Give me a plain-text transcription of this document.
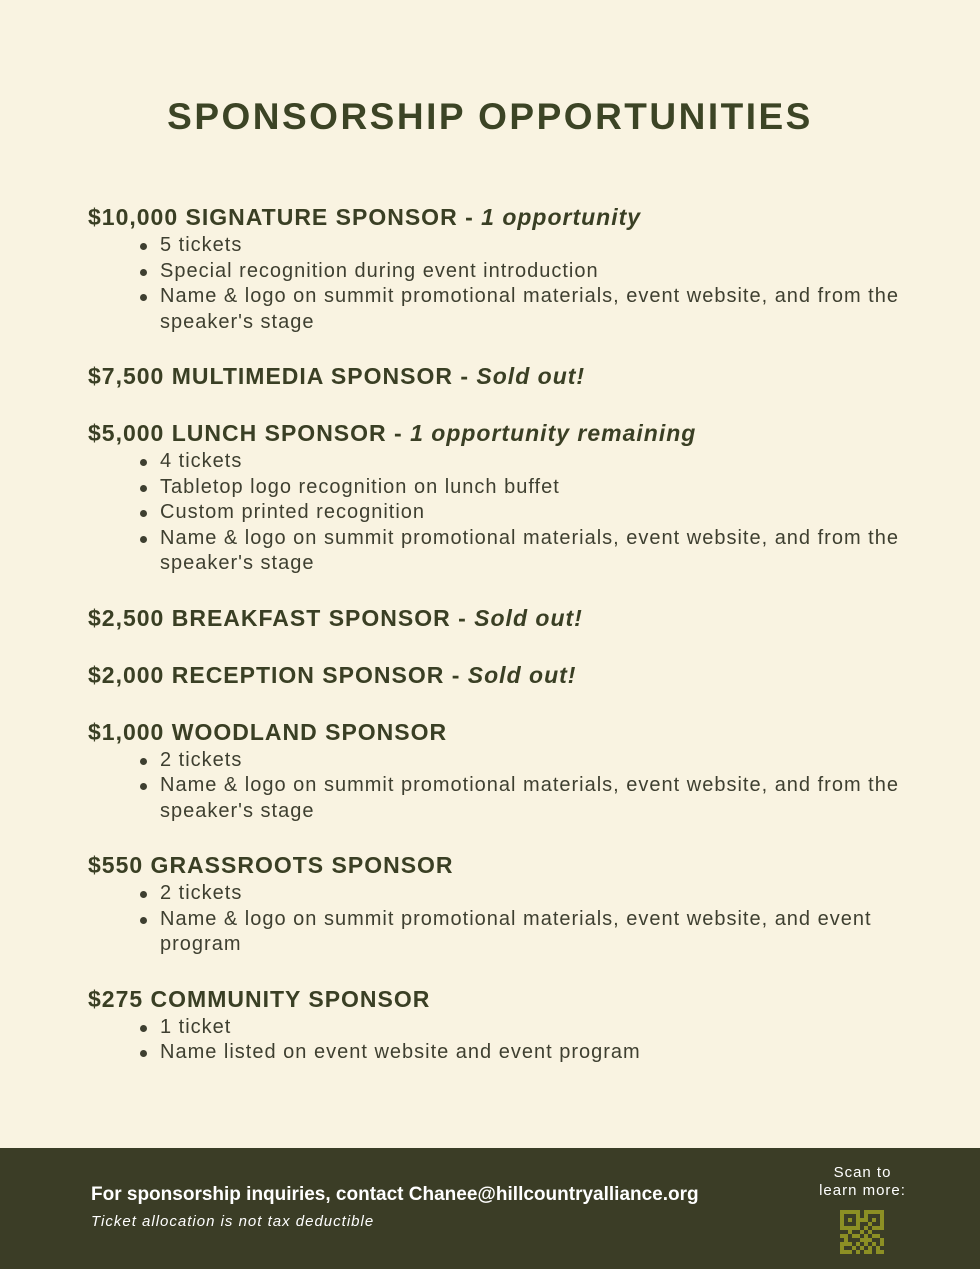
SPONSORSHIP OPPORTUNITIES
$10,000 SIGNATURE SPONSOR - 1 opportunity
5 tickets
Special recognition during event introduction
Name & logo on summit promotional materials, event website, and from the speaker's stage
$7,500 MULTIMEDIA SPONSOR - Sold out!
$5,000 LUNCH SPONSOR - 1 opportunity remaining
4 tickets
Tabletop logo recognition on lunch buffet
Custom printed recognition
Name & logo on summit promotional materials, event website, and from the speaker's stage
$2,500 BREAKFAST SPONSOR - Sold out!
$2,000 RECEPTION SPONSOR - Sold out!
$1,000 WOODLAND SPONSOR
2 tickets
Name & logo on summit promotional materials, event website, and from the speaker's stage
$550 GRASSROOTS SPONSOR
2 tickets
Name & logo on summit promotional materials, event website, and event program
$275 COMMUNITY SPONSOR
1 ticket
Name listed on event website and event program
For sponsorship inquiries, contact Chanee@hillcountryalliance.org
Ticket allocation is not tax deductible
Scan to
learn more:
